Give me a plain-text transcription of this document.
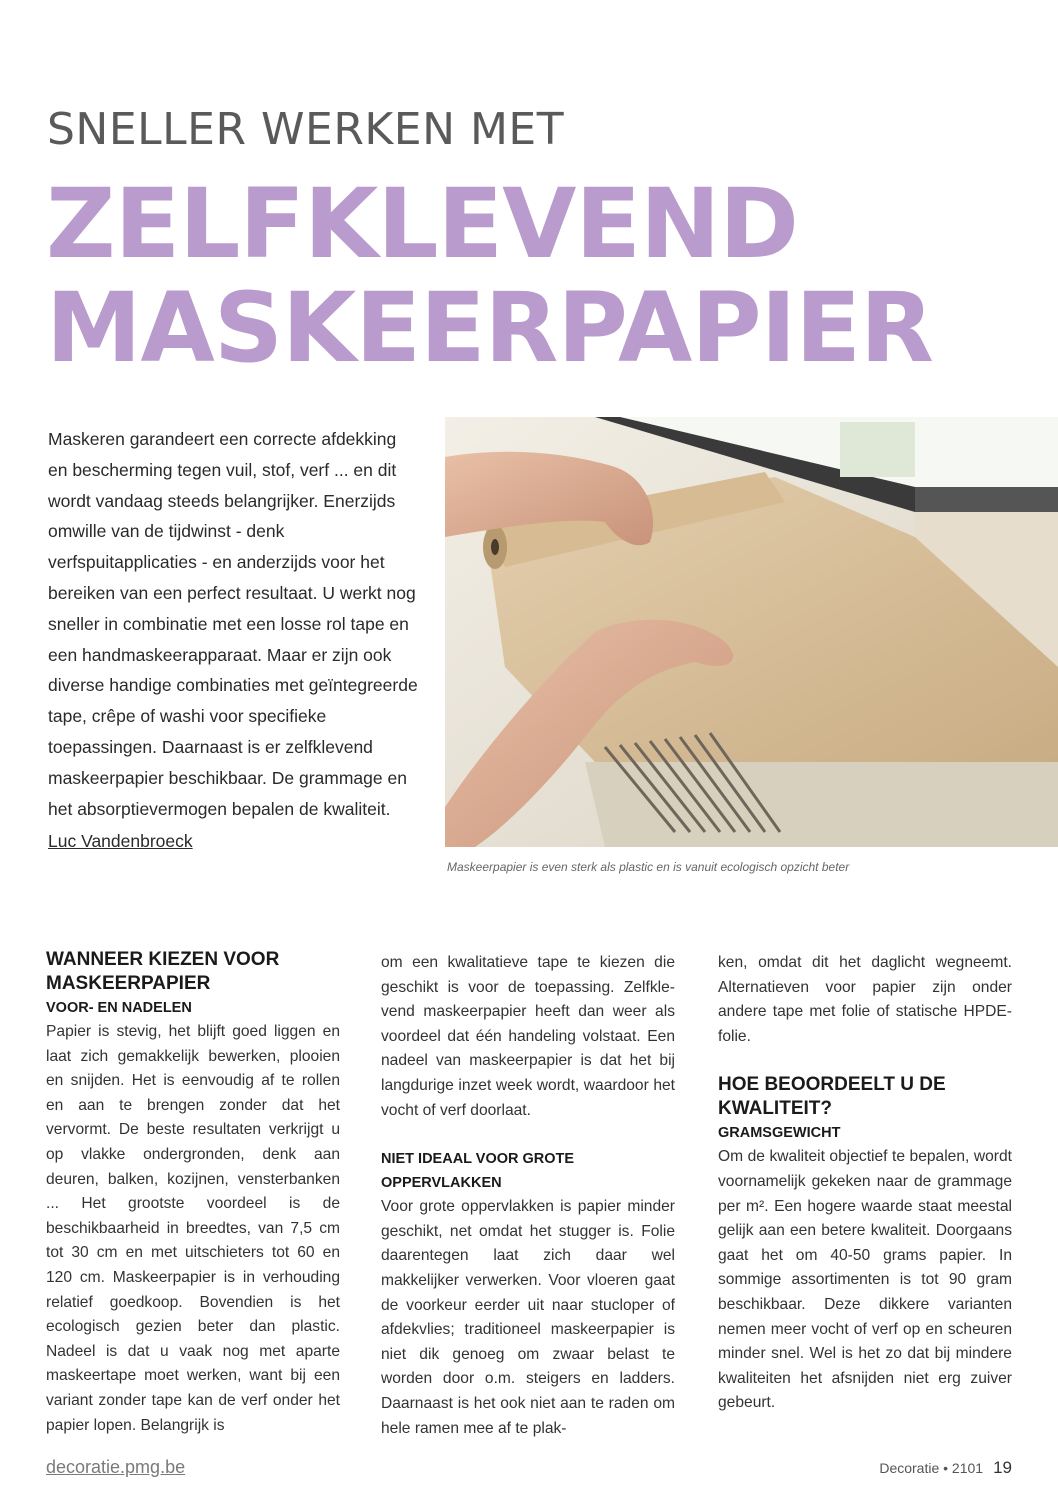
SNELLER WERKEN MET
ZELFKLEVEND
MASKEERPAPIER
Maskeren garandeert een correcte afdekking en bescherming tegen vuil, stof, verf ... en dit wordt vandaag steeds belangrijker. Enerzijds omwille van de tijdwinst - denk verfspuitapplicaties - en anderzijds voor het bereiken van een perfect resultaat. U werkt nog sneller in combinatie met een losse rol tape en een handmaskeerapparaat. Maar er zijn ook diverse handige combinaties met geïntegreerde tape, crêpe of washi voor specifieke toepassingen. Daarnaast is er zelfklevend maskeerpapier beschikbaar. De grammage en het absorptievermogen bepalen de kwaliteit.
Luc Vandenbroeck
Maskeerpapier is even sterk als plastic en is vanuit ecologisch opzicht beter
WANNEER KIEZEN VOOR MASKEERPAPIER
VOOR- EN NADELEN

Papier is stevig, het blijft goed liggen en laat zich gemakkelijk bewerken, plooien en snijden. Het is eenvoudig af te rollen en aan te brengen zonder dat het vervormt. De beste resultaten verkrijgt u op vlakke ondergronden, denk aan deuren, balken, kozijnen, vensterbanken ... Het grootste voordeel is de beschikbaarheid in breedtes, van 7,5 cm tot 30 cm en met uitschieters tot 60 en 120 cm. Maskeerpapier is in verhouding relatief goedkoop. Bovendien is het ecologisch gezien beter dan plastic. Nadeel is dat u vaak nog met aparte maskeertape moet werken, want bij een variant zonder tape kan de verf onder het papier lopen. Belangrijk is

om een kwalitatieve tape te kiezen die geschikt is voor de toepassing. Zelfklevend maskeerpapier heeft dan weer als voordeel dat één handeling volstaat. Een nadeel van maskeerpapier is dat het bij langdurige inzet week wordt, waardoor het vocht of verf doorlaat.

NIET IDEAAL VOOR GROTE OPPERVLAKKEN

Voor grote oppervlakken is papier minder geschikt, net omdat het stugger is. Folie daarentegen laat zich daar wel makkelijker verwerken. Voor vloeren gaat de voorkeur eerder uit naar stucloper of afdekvlies; traditioneel maskeerpapier is niet dik genoeg om zwaar belast te worden door o.m. steigers en ladders. Daarnaast is het ook niet aan te raden om hele ramen mee af te plak-

ken, omdat dit het daglicht wegneemt. Alternatieven voor papier zijn onder andere tape met folie of statische HPDE-folie.

HOE BEOORDEELT U DE KWALITEIT?
GRAMSGEWICHT

Om de kwaliteit objectief te bepalen, wordt voornamelijk gekeken naar de grammage per m². Een hogere waarde staat meestal gelijk aan een betere kwaliteit. Doorgaans gaat het om 40-50 grams papier. In sommige assortimenten is tot 90 gram beschikbaar. Deze dikkere varianten nemen meer vocht of verf op en scheuren minder snel. Wel is het zo dat bij mindere kwaliteiten het afsnijden niet erg zuiver gebeurt.

decoratie.pmg.be	Decoratie • 2101 19
